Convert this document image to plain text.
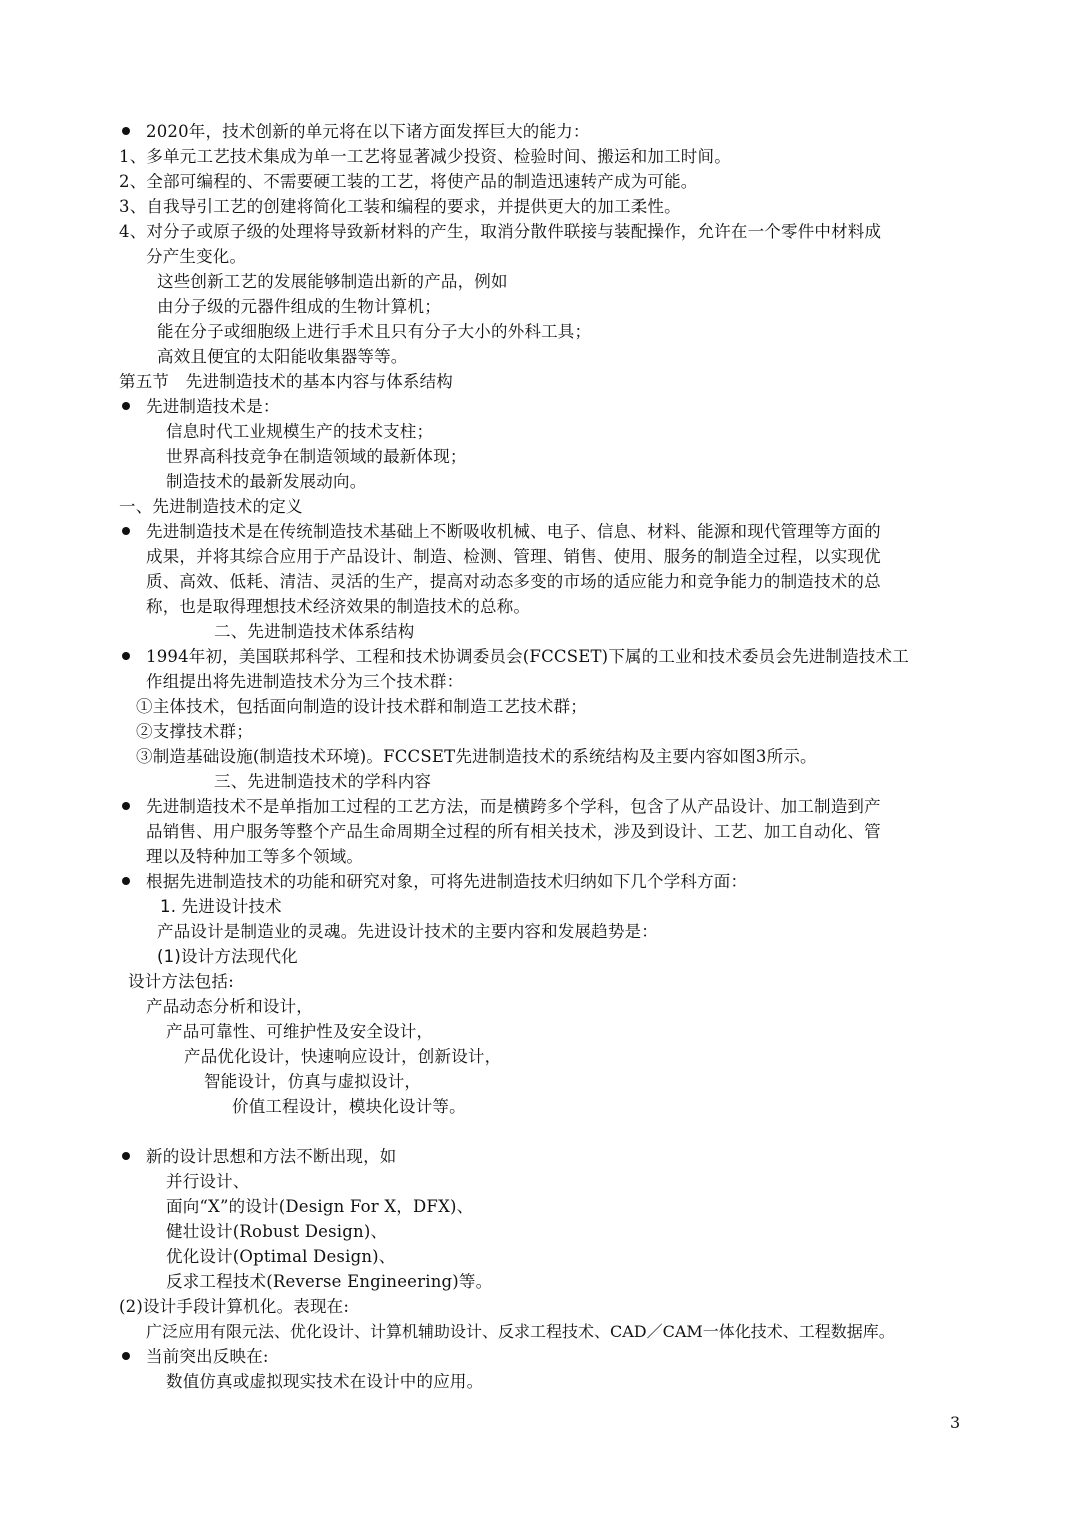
2020年，技术创新的单元将在以下诸方面发挥巨大的能力：
1、多单元工艺技术集成为单一工艺将显著减少投资、检验时间、搬运和加工时间。
2、全部可编程的、不需要硬工装的工艺，将使产品的制造迅速转产成为可能。
3、自我导引工艺的创建将简化工装和编程的要求，并提供更大的加工柔性。
4、对分子或原子级的处理将导致新材料的产生，取消分散件联接与装配操作，允许在一个零件中材料成
分产生变化。
这些创新工艺的发展能够制造出新的产品，例如
由分子级的元器件组成的生物计算机；
能在分子或细胞级上进行手术且只有分子大小的外科工具；
高效且便宜的太阳能收集器等等。
第五节　先进制造技术的基本内容与体系结构
先进制造技术是：
信息时代工业规模生产的技术支柱；
世界高科技竞争在制造领域的最新体现；
制造技术的最新发展动向。
一、先进制造技术的定义
先进制造技术是在传统制造技术基础上不断吸收机械、电子、信息、材料、能源和现代管理等方面的
成果，并将其综合应用于产品设计、制造、检测、管理、销售、使用、服务的制造全过程，以实现优
质、高效、低耗、清洁、灵活的生产，提高对动态多变的市场的适应能力和竞争能力的制造技术的总
称，也是取得理想技术经济效果的制造技术的总称。
二、先进制造技术体系结构
1994年初，美国联邦科学、工程和技术协调委员会(FCCSET)下属的工业和技术委员会先进制造技术工
作组提出将先进制造技术分为三个技术群：
①主体技术，包括面向制造的设计技术群和制造工艺技术群；
②支撑技术群；
③制造基础设施(制造技术环境)。FCCSET先进制造技术的系统结构及主要内容如图3所示。
三、先进制造技术的学科内容
先进制造技术不是单指加工过程的工艺方法，而是横跨多个学科，包含了从产品设计、加工制造到产
品销售、用户服务等整个产品生命周期全过程的所有相关技术，涉及到设计、工艺、加工自动化、管
理以及特种加工等多个领域。
根据先进制造技术的功能和研究对象，可将先进制造技术归纳如下几个学科方面：
1. 先进设计技术
产品设计是制造业的灵魂。先进设计技术的主要内容和发展趋势是：
(1)设计方法现代化
设计方法包括:
产品动态分析和设计，
产品可靠性、可维护性及安全设计，
产品优化设计，快速响应设计，创新设计，
智能设计，仿真与虚拟设计，
价值工程设计，模块化设计等。
新的设计思想和方法不断出现，如
并行设计、
面向“X”的设计(Design For X，DFX)、
健壮设计(Robust Design)、
优化设计(Optimal Design)、
反求工程技术(Reverse Engineering)等。
(2)设计手段计算机化。表现在:
广泛应用有限元法、优化设计、计算机辅助设计、反求工程技术、CAD／CAM一体化技术、工程数据库。
当前突出反映在:
数值仿真或虚拟现实技术在设计中的应用。
3
